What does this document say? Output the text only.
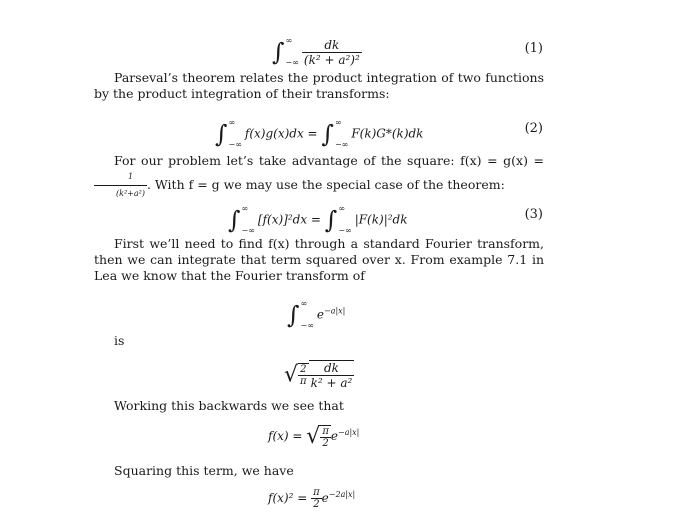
∫ ∞
−∞ $\frac{dk}{\text{(k² + a²)²}}$	(1)
Parseval’s theorem relates the product integration of two functions by the product integration of their transforms:
∫ ∞
−∞
f(x)g(x)dx = ∫ ∞
−∞
F(k)G*(k)dk	(2)
For our problem let’s take advantage of the square: f(x) = g(x) =
$\frac{1}{\text{(k²+a²)}}$ . With f = g we may use the special case of the theorem:
∫ ∞
−∞
[f(x)]²dx = ∫ ∞
−∞
|F(k)|²dk	(3)
First we’ll need to find f(x) through a standard Fourier transform, then we can integrate that term squared over x. From example 7.1 in Lea we know that the Fourier transform of
∫ ∞
−∞
$e^{-a|x|}$
is
√ $\frac{2}{\pi} \frac{dk}{\text{k² + a²}}$
Working this backwards we see that
f(x) = √ $\frac{\pi}{2} e^{-a|x|}$
Squaring this term, we have
$f(x)^2 = \frac{\pi}{2} e^{-2a|x|}$
